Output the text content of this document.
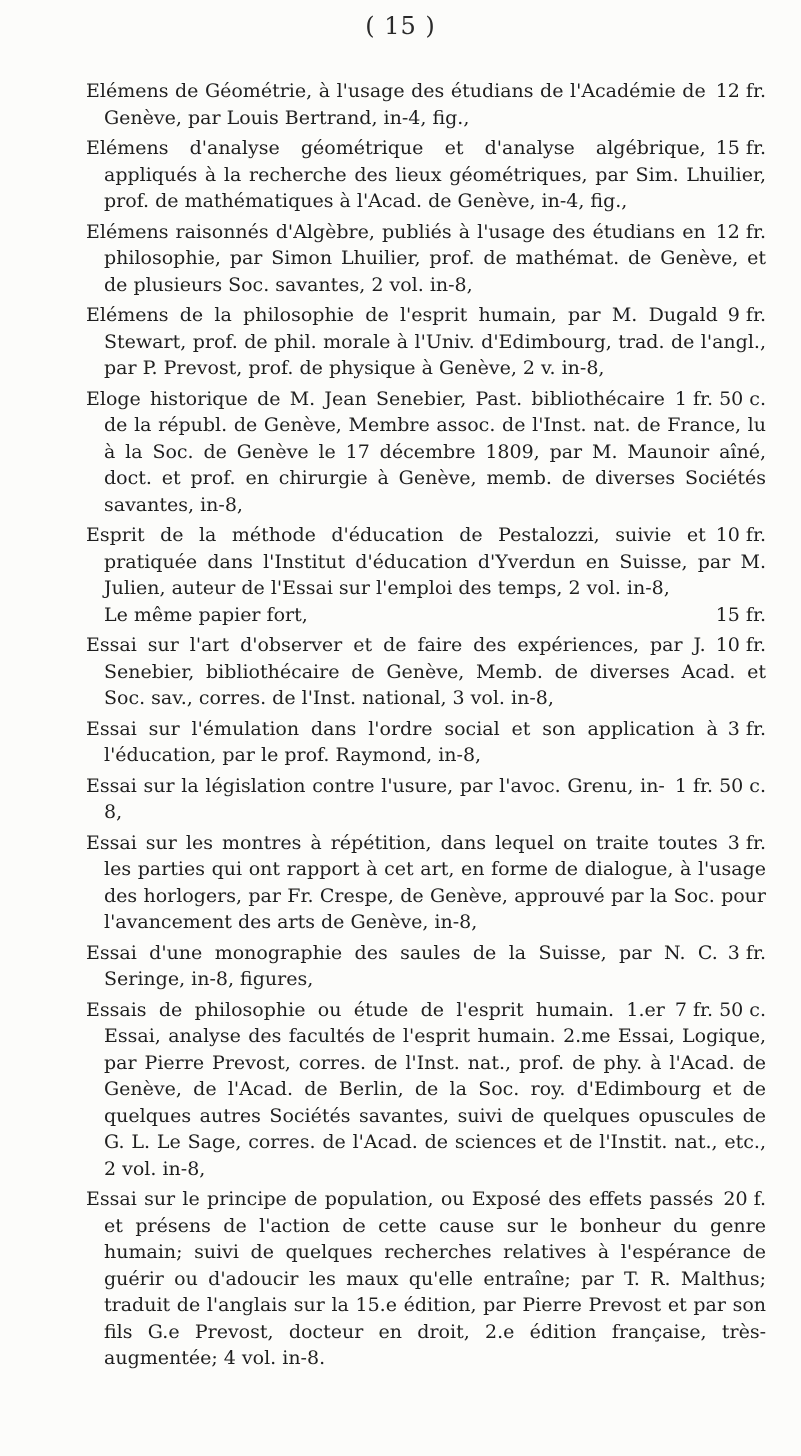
( 15 )
12 fr.
Elémens de Géométrie, à l'usage des étudians de l'Académie de Genève, par Louis Bertrand, in-4, fig.,
15 fr.
Elémens d'analyse géométrique et d'analyse algébrique, appliqués à la recherche des lieux géométriques, par Sim. Lhuilier, prof. de mathématiques à l'Acad. de Genève, in-4, fig.,
12 fr.
Elémens raisonnés d'Algèbre, publiés à l'usage des étudians en philosophie, par Simon Lhuilier, prof. de mathémat. de Genève, et de plusieurs Soc. savantes, 2 vol. in-8,
9 fr.
Elémens de la philosophie de l'esprit humain, par M. Dugald Stewart, prof. de phil. morale à l'Univ. d'Edimbourg, trad. de l'angl., par P. Prevost, prof. de physique à Genève, 2 v. in-8,
1 fr. 50 c.
Eloge historique de M. Jean Senebier, Past. bibliothécaire de la républ. de Genève, Membre assoc. de l'Inst. nat. de France, lu à la Soc. de Genève le 17 décembre 1809, par M. Maunoir aîné, doct. et prof. en chirurgie à Genève, memb. de diverses Sociétés savantes, in-8,
10 fr.
Esprit de la méthode d'éducation de Pestalozzi, suivie et pratiquée dans l'Institut d'éducation d'Yverdun en Suisse, par M. Julien, auteur de l'Essai sur l'emploi des temps, 2 vol. in-8,
15 fr.
Le même papier fort,
10 fr.
Essai sur l'art d'observer et de faire des expériences, par J. Senebier, bibliothécaire de Genève, Memb. de diverses Acad. et Soc. sav., corres. de l'Inst. national, 3 vol. in-8,
3 fr.
Essai sur l'émulation dans l'ordre social et son application à l'éducation, par le prof. Raymond, in-8,
1 fr. 50 c.
Essai sur la législation contre l'usure, par l'avoc. Grenu, in-8,
3 fr.
Essai sur les montres à répétition, dans lequel on traite toutes les parties qui ont rapport à cet art, en forme de dialogue, à l'usage des horlogers, par Fr. Crespe, de Genève, approuvé par la Soc. pour l'avancement des arts de Genève, in-8,
3 fr.
Essai d'une monographie des saules de la Suisse, par N. C. Seringe, in-8, figures,
7 fr. 50 c.
Essais de philosophie ou étude de l'esprit humain. 1.er Essai, analyse des facultés de l'esprit humain. 2.me Essai, Logique, par Pierre Prevost, corres. de l'Inst. nat., prof. de phy. à l'Acad. de Genève, de l'Acad. de Berlin, de la Soc. roy. d'Edimbourg et de quelques autres Sociétés savantes, suivi de quelques opuscules de G. L. Le Sage, corres. de l'Acad. de sciences et de l'Instit. nat., etc., 2 vol. in-8,
20 f.
Essai sur le principe de population, ou Exposé des effets passés et présens de l'action de cette cause sur le bonheur du genre humain; suivi de quelques recherches relatives à l'espérance de guérir ou d'adoucir les maux qu'elle entraîne; par T. R. Malthus; traduit de l'anglais sur la 15.e édition, par Pierre Prevost et par son fils G.e Prevost, docteur en droit, 2.e édition française, très-augmentée; 4 vol. in-8.
